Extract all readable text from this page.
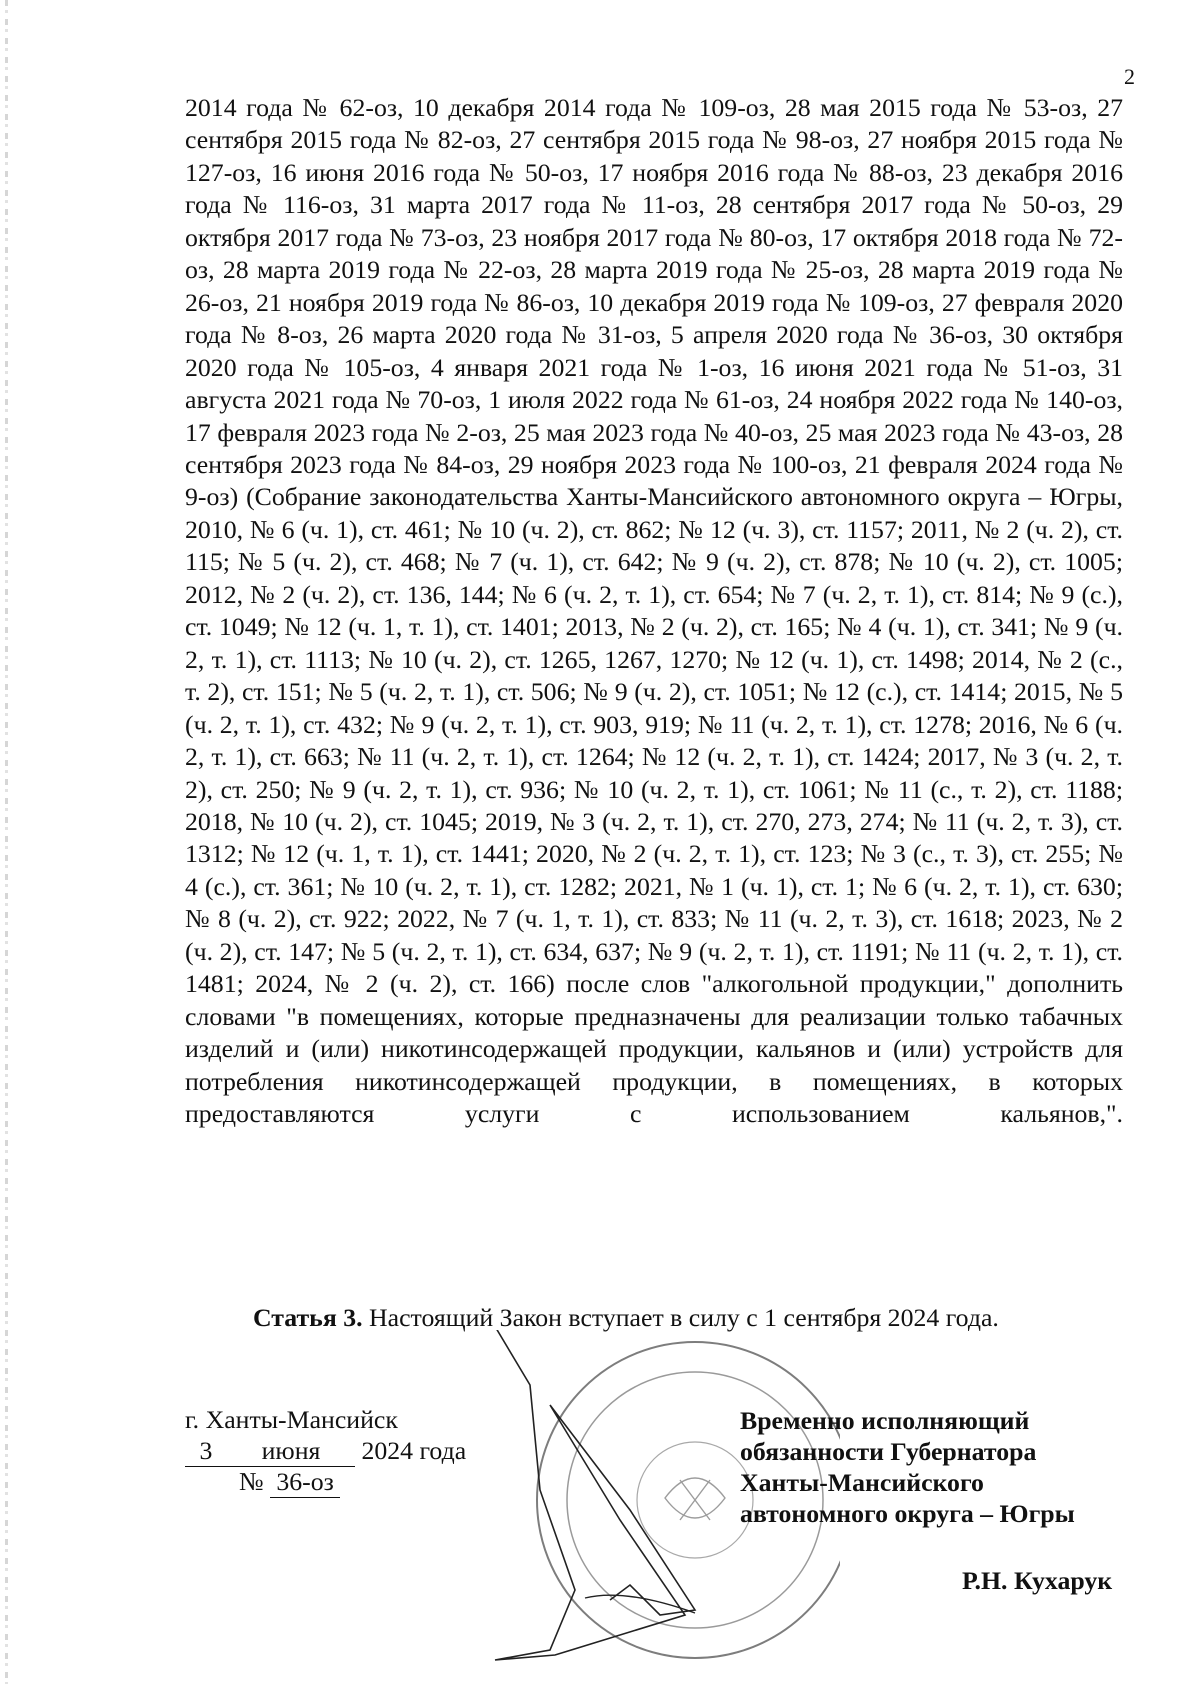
2

2014 года № 62-оз, 10 декабря 2014 года № 109-оз, 28 мая 2015 года № 53-оз, 27 сентября 2015 года № 82-оз, 27 сентября 2015 года № 98-оз, 27 ноября 2015 года № 127-оз, 16 июня 2016 года № 50-оз, 17 ноября 2016 года № 88-оз, 23 декабря 2016 года № 116-оз, 31 марта 2017 года № 11-оз, 28 сентября 2017 года № 50-оз, 29 октября 2017 года № 73-оз, 23 ноября 2017 года № 80-оз, 17 октября 2018 года № 72-оз, 28 марта 2019 года № 22-оз, 28 марта 2019 года № 25-оз, 28 марта 2019 года № 26-оз, 21 ноября 2019 года № 86-оз, 10 декабря 2019 года № 109-оз, 27 февраля 2020 года № 8-оз, 26 марта 2020 года № 31-оз, 5 апреля 2020 года № 36-оз, 30 октября 2020 года № 105-оз, 4 января 2021 года № 1-оз, 16 июня 2021 года № 51-оз, 31 августа 2021 года № 70-оз, 1 июля 2022 года № 61-оз, 24 ноября 2022 года № 140-оз, 17 февраля 2023 года № 2-оз, 25 мая 2023 года № 40-оз, 25 мая 2023 года № 43-оз, 28 сентября 2023 года № 84-оз, 29 ноября 2023 года № 100-оз, 21 февраля 2024 года № 9-оз) (Собрание законодательства Ханты-Мансийского автономного округа – Югры, 2010, № 6 (ч. 1), ст. 461; № 10 (ч. 2), ст. 862; № 12 (ч. 3), ст. 1157; 2011, № 2 (ч. 2), ст. 115; № 5 (ч. 2), ст. 468; № 7 (ч. 1), ст. 642; № 9 (ч. 2), ст. 878; № 10 (ч. 2), ст. 1005; 2012, № 2 (ч. 2), ст. 136, 144; № 6 (ч. 2, т. 1), ст. 654; № 7 (ч. 2, т. 1), ст. 814; № 9 (с.), ст. 1049; № 12 (ч. 1, т. 1), ст. 1401; 2013, № 2 (ч. 2), ст. 165; № 4 (ч. 1), ст. 341; № 9 (ч. 2, т. 1), ст. 1113; № 10 (ч. 2), ст. 1265, 1267, 1270; № 12 (ч. 1), ст. 1498; 2014, № 2 (с., т. 2), ст. 151; № 5 (ч. 2, т. 1), ст. 506; № 9 (ч. 2), ст. 1051; № 12 (с.), ст. 1414; 2015, № 5 (ч. 2, т. 1), ст. 432; № 9 (ч. 2, т. 1), ст. 903, 919; № 11 (ч. 2, т. 1), ст. 1278; 2016, № 6 (ч. 2, т. 1), ст. 663; № 11 (ч. 2, т. 1), ст. 1264; № 12 (ч. 2, т. 1), ст. 1424; 2017, № 3 (ч. 2, т. 2), ст. 250; № 9 (ч. 2, т. 1), ст. 936; № 10 (ч. 2, т. 1), ст. 1061; № 11 (с., т. 2), ст. 1188; 2018, № 10 (ч. 2), ст. 1045; 2019, № 3 (ч. 2, т. 1), ст. 270, 273, 274; № 11 (ч. 2, т. 3), ст. 1312; № 12 (ч. 1, т. 1), ст. 1441; 2020, № 2 (ч. 2, т. 1), ст. 123; № 3 (с., т. 3), ст. 255; № 4 (с.), ст. 361; № 10 (ч. 2, т. 1), ст. 1282; 2021, № 1 (ч. 1), ст. 1; № 6 (ч. 2, т. 1), ст. 630; № 8 (ч. 2), ст. 922; 2022, № 7 (ч. 1, т. 1), ст. 833; № 11 (ч. 2, т. 3), ст. 1618; 2023, № 2 (ч. 2), ст. 147; № 5 (ч. 2, т. 1), ст. 634, 637; № 9 (ч. 2, т. 1), ст. 1191; № 11 (ч. 2, т. 1), ст. 1481; 2024, № 2 (ч. 2), ст. 166) после слов "алкогольной продукции," дополнить словами "в помещениях, которые предназначены для реализации только табачных изделий и (или) никотинсодержащей продукции, кальянов и (или) устройств для потребления никотинсодержащей продукции, в помещениях, в которых предоставляются услуги	с использованием кальянов,".

Статья 3. Настоящий Закон вступает в силу с 1 сентября 2024 года.

г. Ханты-Мансийск
3 июня 2024 года
№ 36-оз
Временно исполняющий
обязанности Губернатора
Ханты-Мансийского
автономного округа – Югры
Р.Н. Кухарук
